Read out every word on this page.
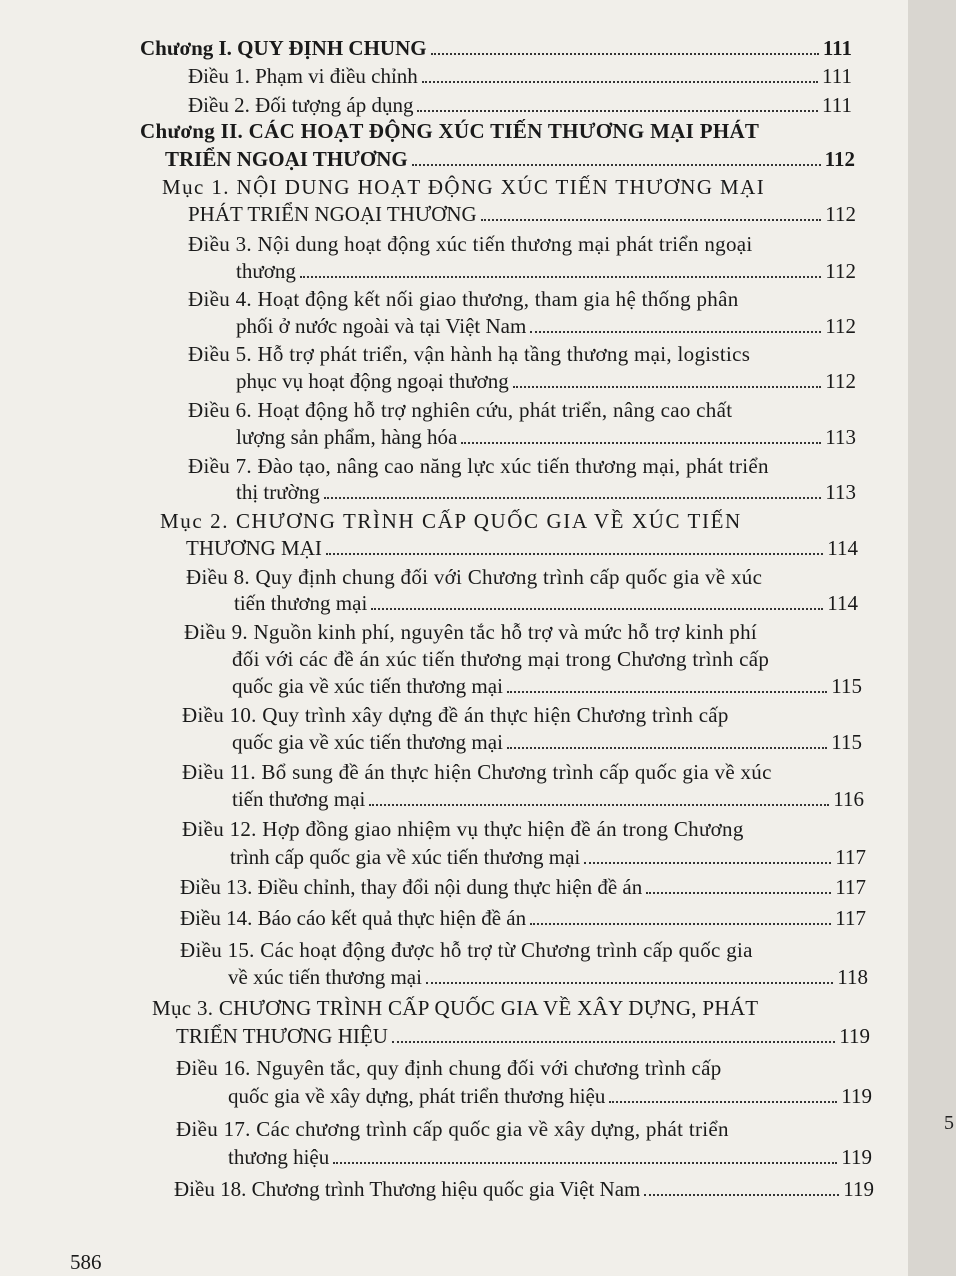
5
Chương I. QUY ĐỊNH CHUNG	111
Điều 1. Phạm vi điều chỉnh	111
Điều 2. Đối tượng áp dụng	111
Chương II. CÁC HOẠT ĐỘNG XÚC TIẾN THƯƠNG MẠI PHÁT
TRIỂN NGOẠI THƯƠNG	112
Mục 1. NỘI DUNG HOẠT ĐỘNG XÚC TIẾN THƯƠNG MẠI
PHÁT TRIỂN NGOẠI THƯƠNG	112
Điều 3. Nội dung hoạt động xúc tiến thương mại phát triển ngoại
thương	112
Điều 4. Hoạt động kết nối giao thương, tham gia hệ thống phân
phối ở nước ngoài và tại Việt Nam	112
Điều 5. Hỗ trợ phát triển, vận hành hạ tầng thương mại, logistics
phục vụ hoạt động ngoại thương	112
Điều 6. Hoạt động hỗ trợ nghiên cứu, phát triển, nâng cao chất
lượng sản phẩm, hàng hóa	113
Điều 7. Đào tạo, nâng cao năng lực xúc tiến thương mại, phát triển
thị trường	113
Mục 2. CHƯƠNG TRÌNH CẤP QUỐC GIA VỀ XÚC TIẾN
THƯƠNG MẠI	114
Điều 8. Quy định chung đối với Chương trình cấp quốc gia về xúc
tiến thương mại	114
Điều 9. Nguồn kinh phí, nguyên tắc hỗ trợ và mức hỗ trợ kinh phí
đối với các đề án xúc tiến thương mại trong Chương trình cấp
quốc gia về xúc tiến thương mại	115
Điều 10. Quy trình xây dựng đề án thực hiện Chương trình cấp
quốc gia về xúc tiến thương mại	115
Điều 11. Bổ sung đề án thực hiện Chương trình cấp quốc gia về xúc
tiến thương mại	116
Điều 12. Hợp đồng giao nhiệm vụ thực hiện đề án trong Chương
trình cấp quốc gia về xúc tiến thương mại	117
Điều 13. Điều chỉnh, thay đổi nội dung thực hiện đề án	117
Điều 14. Báo cáo kết quả thực hiện đề án	117
Điều 15. Các hoạt động được hỗ trợ từ Chương trình cấp quốc gia
về xúc tiến thương mại	118
Mục 3. CHƯƠNG TRÌNH CẤP QUỐC GIA VỀ XÂY DỰNG, PHÁT
TRIỂN THƯƠNG HIỆU	119
Điều 16. Nguyên tắc, quy định chung đối với chương trình cấp
quốc gia về xây dựng, phát triển thương hiệu	119
Điều 17. Các chương trình cấp quốc gia về xây dựng, phát triển
thương hiệu	119
Điều 18. Chương trình Thương hiệu quốc gia Việt Nam	119
586
